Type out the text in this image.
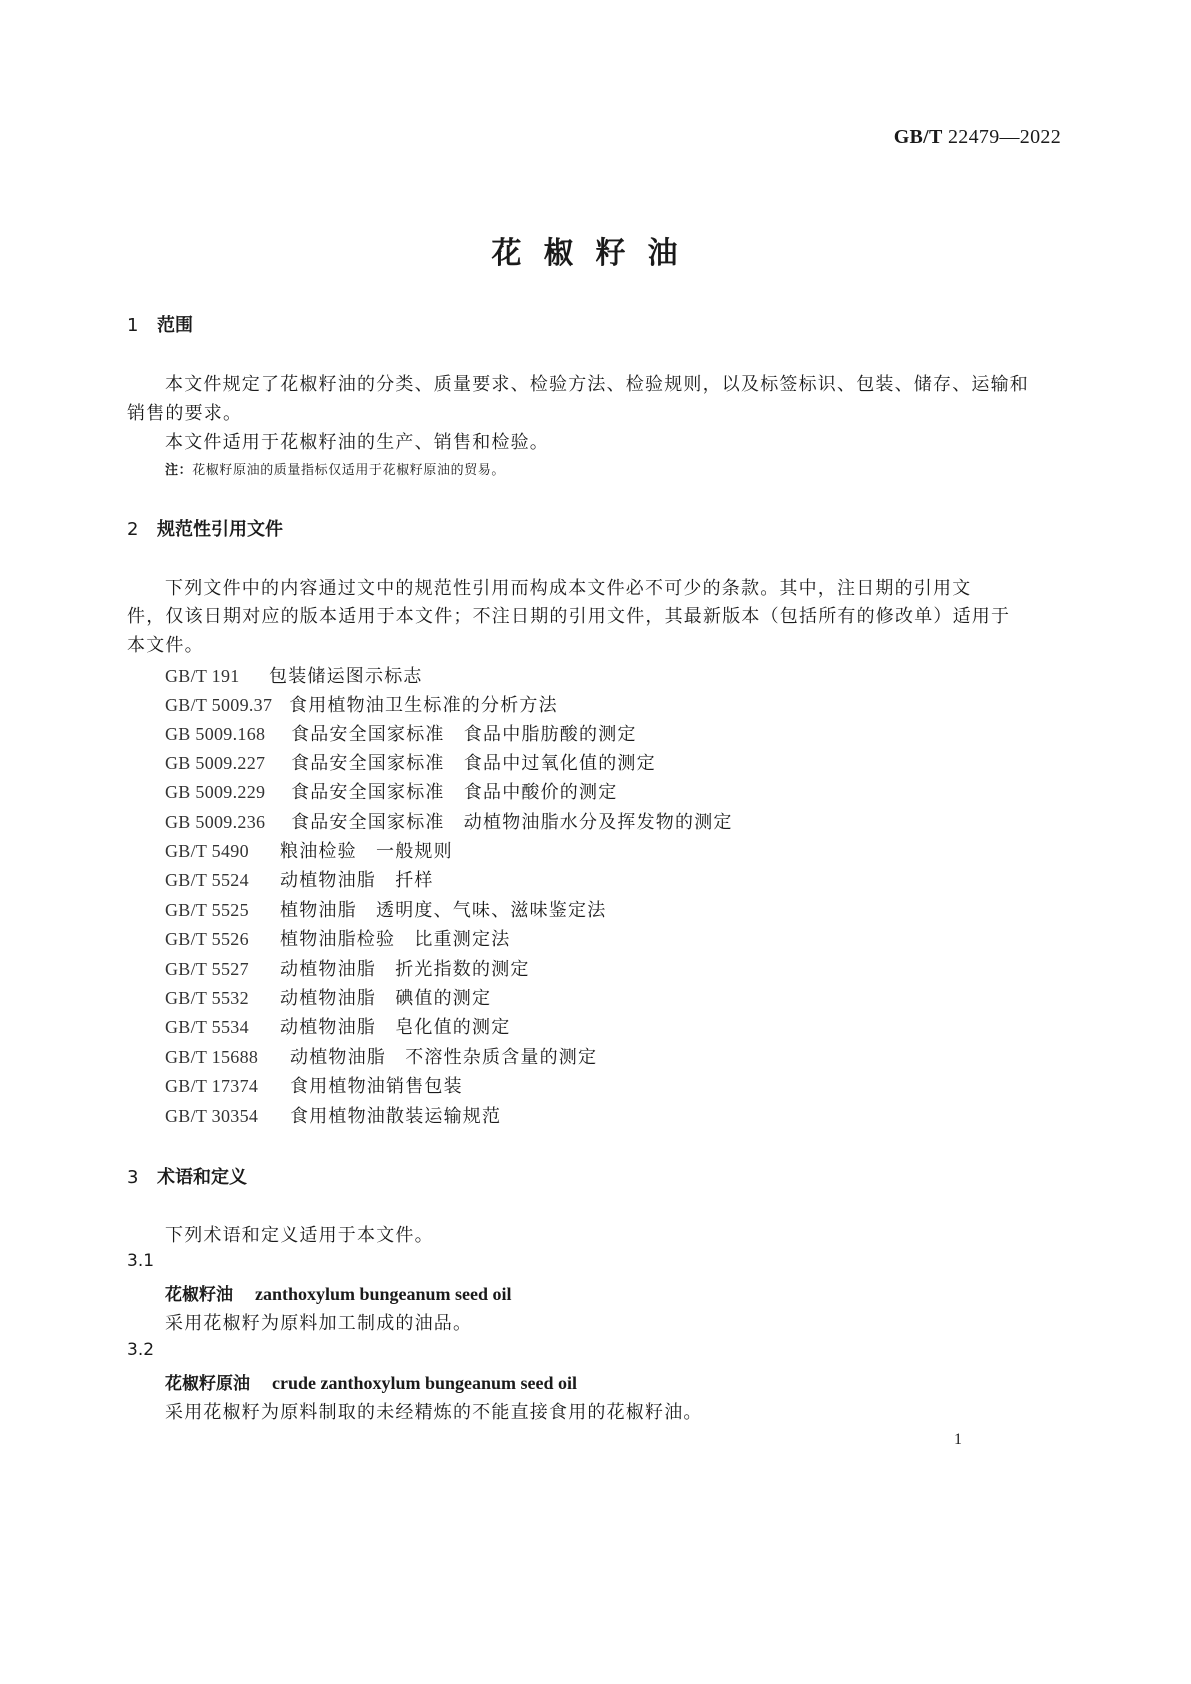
GB/T 22479—2022
花椒籽油
1 范围
本文件规定了花椒籽油的分类、质量要求、检验方法、检验规则，以及标签标识、包装、储存、运输和
销售的要求。
本文件适用于花椒籽油的生产、销售和检验。
注：花椒籽原油的质量指标仅适用于花椒籽原油的贸易。
2 规范性引用文件
下列文件中的内容通过文中的规范性引用而构成本文件必不可少的条款。其中，注日期的引用文
件，仅该日期对应的版本适用于本文件；不注日期的引用文件，其最新版本（包括所有的修改单）适用于
本文件。
GB/T 191 包装储运图示标志
GB/T 5009.37 食用植物油卫生标准的分析方法
GB 5009.168 食品安全国家标准　食品中脂肪酸的测定
GB 5009.227 食品安全国家标准　食品中过氧化值的测定
GB 5009.229 食品安全国家标准　食品中酸价的测定
GB 5009.236 食品安全国家标准　动植物油脂水分及挥发物的测定
GB/T 5490 粮油检验　一般规则
GB/T 5524 动植物油脂　扦样
GB/T 5525 植物油脂　透明度、气味、滋味鉴定法
GB/T 5526 植物油脂检验　比重测定法
GB/T 5527 动植物油脂　折光指数的测定
GB/T 5532 动植物油脂　碘值的测定
GB/T 5534 动植物油脂　皂化值的测定
GB/T 15688 动植物油脂　不溶性杂质含量的测定
GB/T 17374 食用植物油销售包装
GB/T 30354 食用植物油散装运输规范
3 术语和定义
下列术语和定义适用于本文件。
3.1
花椒籽油 zanthoxylum bungeanum seed oil
采用花椒籽为原料加工制成的油品。
3.2
花椒籽原油 crude zanthoxylum bungeanum seed oil
采用花椒籽为原料制取的未经精炼的不能直接食用的花椒籽油。
1
